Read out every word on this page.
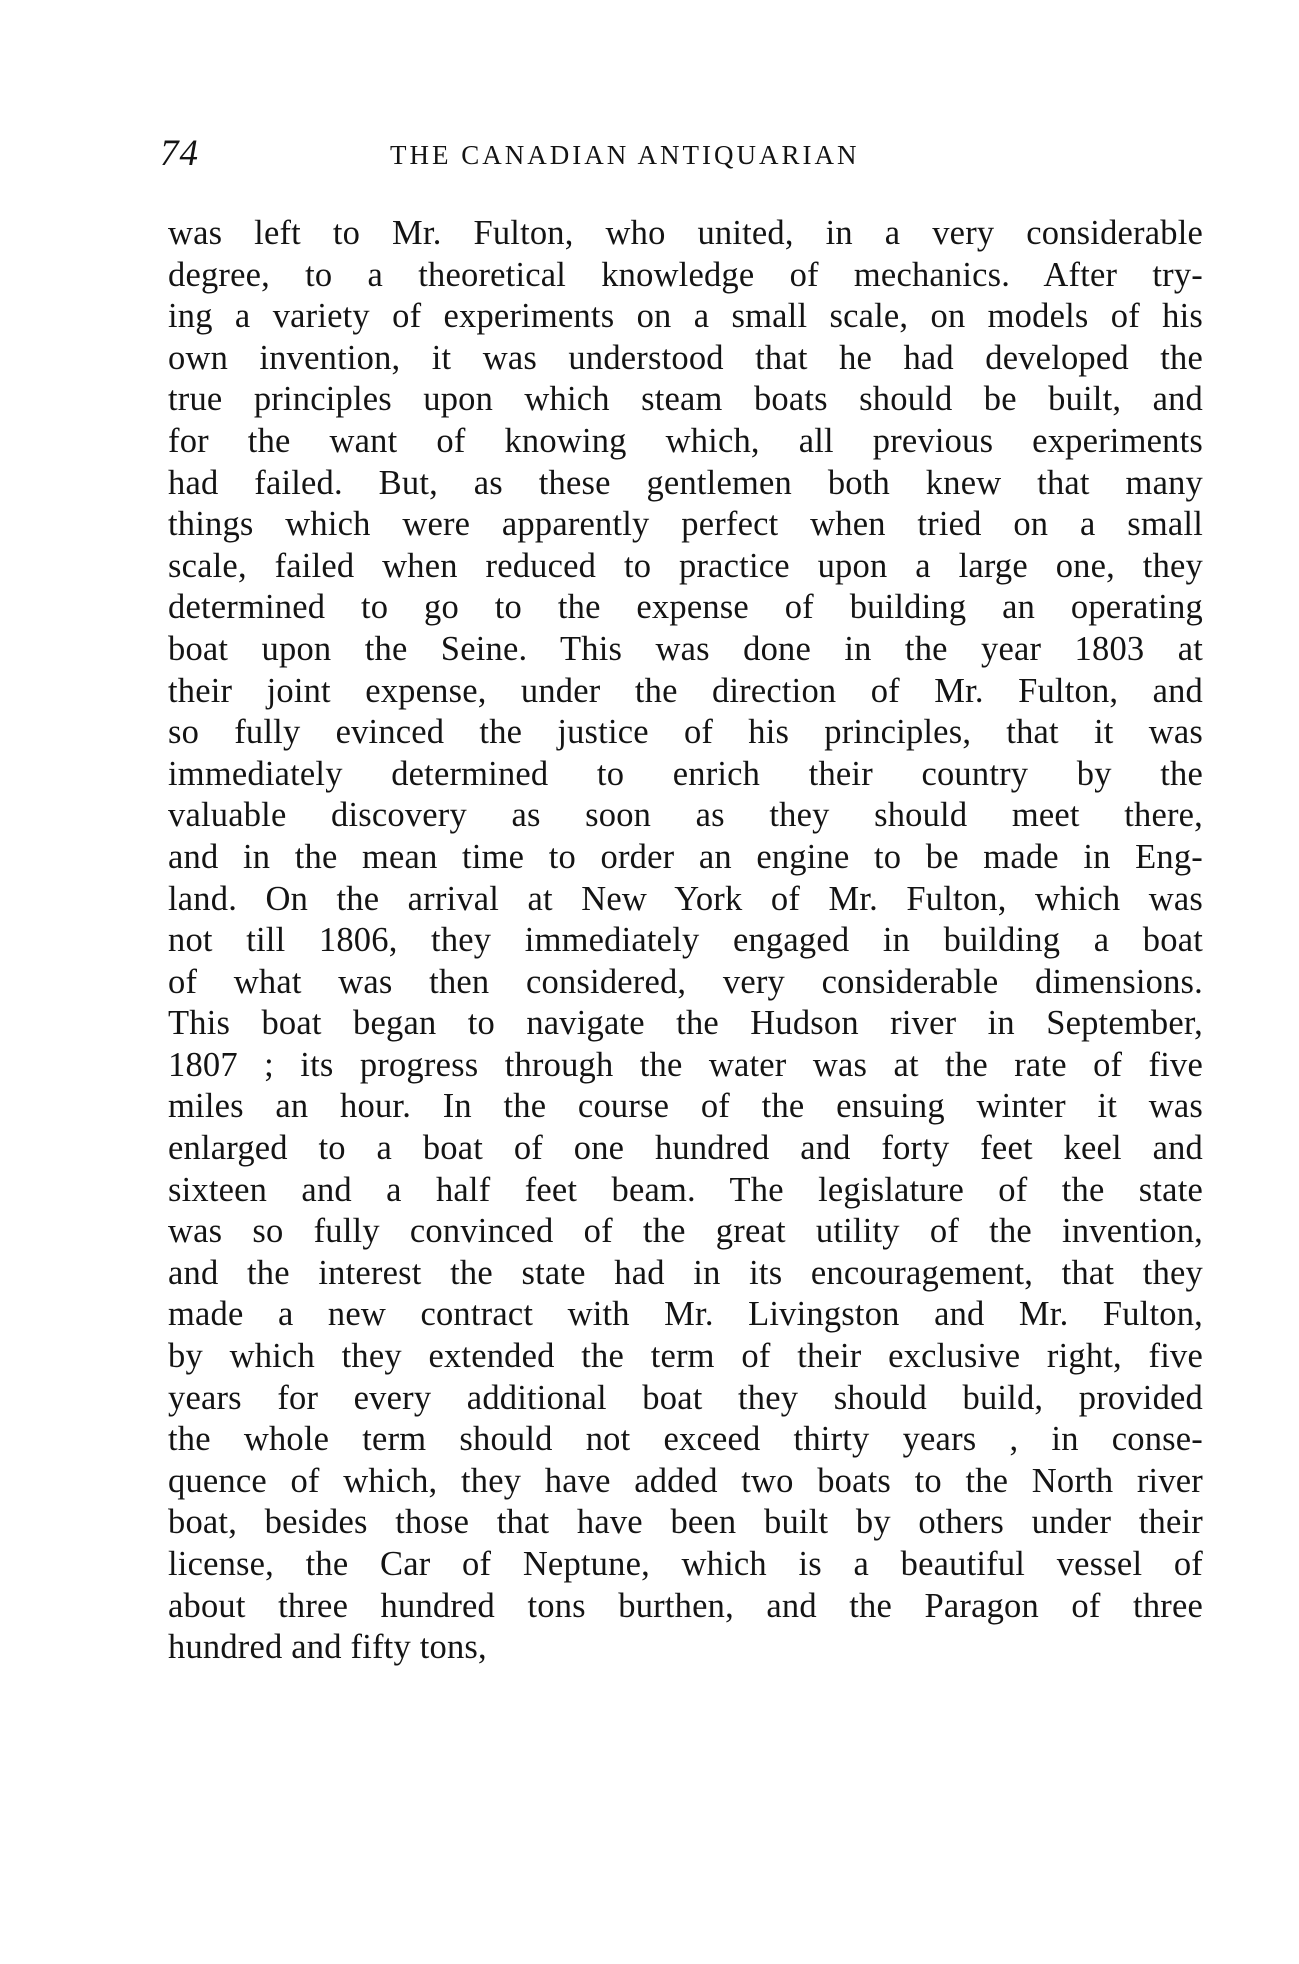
74	THE CANADIAN ANTIQUARIAN
was left to Mr. Fulton, who united, in a very considerable
degree, to a theoretical knowledge of mechanics. After try-
ing a variety of experiments on a small scale, on models of his
own invention, it was understood that he had developed the
true principles upon which steam boats should be built, and
for the want of knowing which, all previous experiments
had failed. But, as these gentlemen both knew that many
things which were apparently perfect when tried on a small
scale, failed when reduced to practice upon a large one, they
determined to go to the expense of building an operating
boat upon the Seine. This was done in the year 1803 at
their joint expense, under the direction of Mr. Fulton, and
so fully evinced the justice of his principles, that it was
immediately determined to enrich their country by the
valuable discovery as soon as they should meet there,
and in the mean time to order an engine to be made in Eng-
land. On the arrival at New York of Mr. Fulton, which was
not till 1806, they immediately engaged in building a boat
of what was then considered, very considerable dimensions.
This boat began to navigate the Hudson river in September,
1807 ; its progress through the water was at the rate of five
miles an hour. In the course of the ensuing winter it was
enlarged to a boat of one hundred and forty feet keel and
sixteen and a half feet beam. The legislature of the state
was so fully convinced of the great utility of the invention,
and the interest the state had in its encouragement, that they
made a new contract with Mr. Livingston and Mr. Fulton,
by which they extended the term of their exclusive right, five
years for every additional boat they should build, provided
the whole term should not exceed thirty years , in conse-
quence of which, they have added two boats to the North river
boat, besides those that have been built by others under their
license, the Car of Neptune, which is a beautiful vessel of
about three hundred tons burthen, and the Paragon of three
hundred and fifty tons,
